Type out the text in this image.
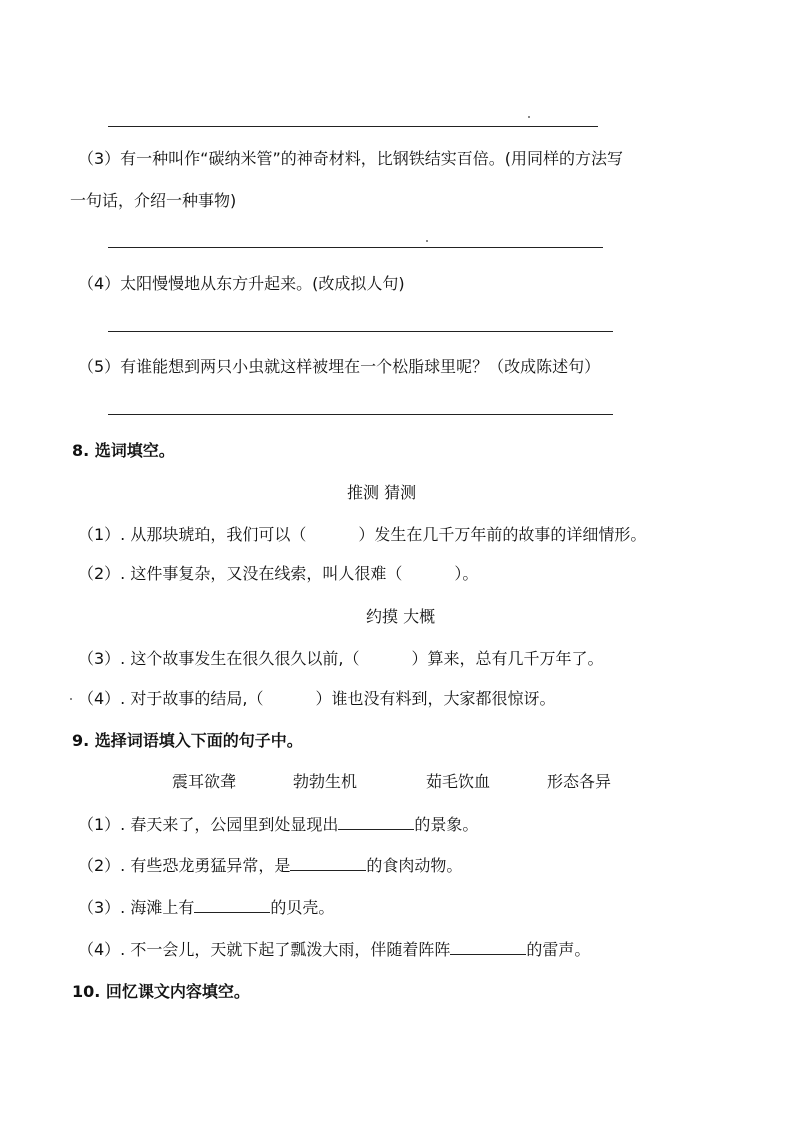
（3）有一种叫作“碳纳米管”的神奇材料，比钢铁结实百倍。(用同样的方法写
一句话，介绍一种事物)
（4）太阳慢慢地从东方升起来。(改成拟人句)
（5）有谁能想到两只小虫就这样被埋在一个松脂球里呢？（改成陈述句）
8. 选词填空。
推测 猜测
（1）. 从那块琥珀，我们可以（	）发生在几千万年前的故事的详细情形。
（2）. 这件事复杂，又没在线索，叫人很难（	）。
约摸 大概
（3）. 这个故事发生在很久很久以前,（	）算来，总有几千万年了。
（4）. 对于故事的结局,（	）谁也没有料到，大家都很惊讶。
9. 选择词语填入下面的句子中。
震耳欲聋	勃勃生机	茹毛饮血	形态各异
（1）. 春天来了，公园里到处显现出	的景象。
（2）. 有些恐龙勇猛异常，是	的食肉动物。
（3）. 海滩上有	的贝壳。
（4）. 不一会儿，天就下起了瓢泼大雨，伴随着阵阵	的雷声。
10. 回忆课文内容填空。
